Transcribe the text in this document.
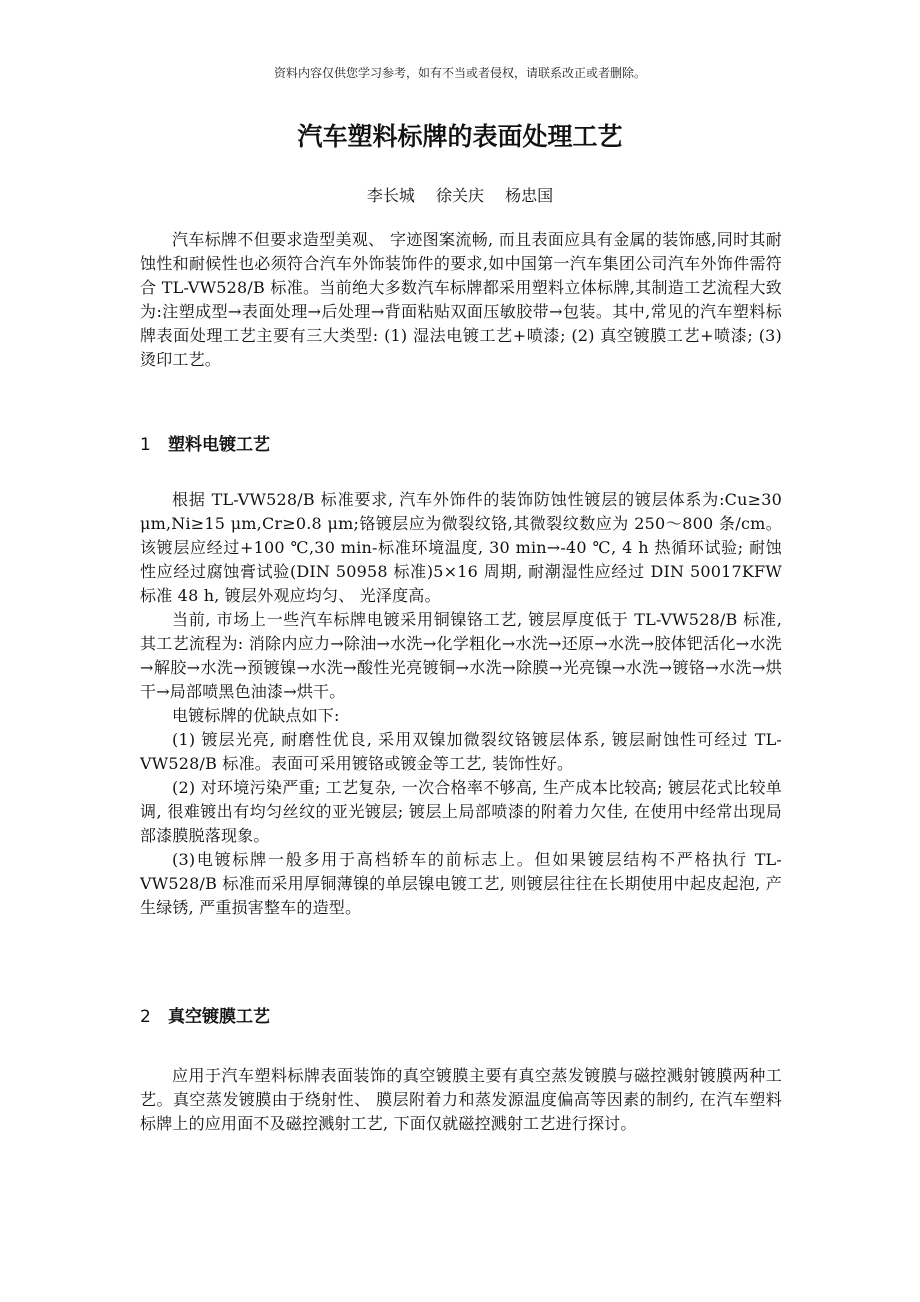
资料内容仅供您学习参考，如有不当或者侵权，请联系改正或者删除。
汽车塑料标牌的表面处理工艺
李长城 徐关庆 杨忠国

汽车标牌不但要求造型美观、 字迹图案流畅, 而且表面应具有金属的装饰感,同时其耐蚀性和耐候性也必须符合汽车外饰装饰件的要求,如中国第一汽车集团公司汽车外饰件需符合 TL-VW528/B 标准。当前绝大多数汽车标牌都采用塑料立体标牌,其制造工艺流程大致为:注塑成型→表面处理→后处理→背面粘贴双面压敏胶带→包装。其中,常见的汽车塑料标牌表面处理工艺主要有三大类型: (1) 湿法电镀工艺+喷漆; (2) 真空镀膜工艺+喷漆; (3) 烫印工艺。

1 塑料电镀工艺

根据 TL-VW528/B 标准要求, 汽车外饰件的装饰防蚀性镀层的镀层体系为:Cu≥30 μm,Ni≥15 μm,Cr≥0.8 μm;铬镀层应为微裂纹铬,其微裂纹数应为 250～800 条/cm。该镀层应经过+100 ℃,30 min-标准环境温度, 30 min→-40 ℃, 4 h 热循环试验; 耐蚀性应经过腐蚀膏试验(DIN 50958 标准)5×16 周期, 耐潮湿性应经过 DIN 50017KFW 标准 48 h, 镀层外观应均匀、 光泽度高。

当前, 市场上一些汽车标牌电镀采用铜镍铬工艺, 镀层厚度低于 TL-VW528/B 标准, 其工艺流程为: 消除内应力→除油→水洗→化学粗化→水洗→还原→水洗→胶体钯活化→水洗→解胶→水洗→预镀镍→水洗→酸性光亮镀铜→水洗→除膜→光亮镍→水洗→镀铬→水洗→烘干→局部喷黑色油漆→烘干。

电镀标牌的优缺点如下:

(1) 镀层光亮, 耐磨性优良, 采用双镍加微裂纹铬镀层体系, 镀层耐蚀性可经过 TL-VW528/B 标准。表面可采用镀铬或镀金等工艺, 装饰性好。

(2) 对环境污染严重; 工艺复杂, 一次合格率不够高, 生产成本比较高; 镀层花式比较单调, 很难镀出有均匀丝纹的亚光镀层; 镀层上局部喷漆的附着力欠佳, 在使用中经常出现局部漆膜脱落现象。

(3)电镀标牌一般多用于高档轿车的前标志上。但如果镀层结构不严格执行 TL-VW528/B 标准而采用厚铜薄镍的单层镍电镀工艺, 则镀层往往在长期使用中起皮起泡, 产生绿锈, 严重损害整车的造型。

2 真空镀膜工艺

应用于汽车塑料标牌表面装饰的真空镀膜主要有真空蒸发镀膜与磁控溅射镀膜两种工艺。真空蒸发镀膜由于绕射性、 膜层附着力和蒸发源温度偏高等因素的制约, 在汽车塑料标牌上的应用面不及磁控溅射工艺, 下面仅就磁控溅射工艺进行探讨。
